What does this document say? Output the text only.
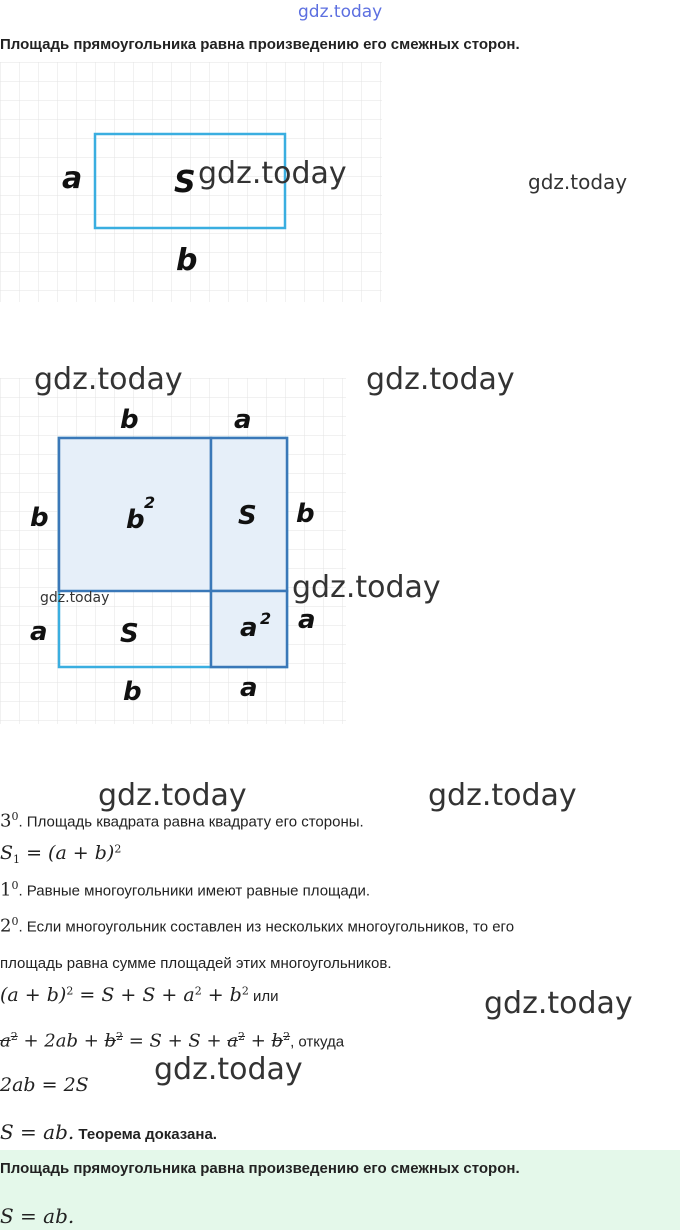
gdz.today
Площадь прямоугольника равна произведению его смежных сторон.
a	S
b
gdz.today	gdz.today
b	a
b
a
b
a
b	a
b
2	S
S	a 2
gdz.today	gdz.today
gdz.today
gdz.today
gdz.today	gdz.today
$3^0$. Площадь квадрата равна квадрату его стороны.
$S_1 = (a + b)^2$
$1^0$. Равные многоугольники имеют равные площади.
$2^0$. Если многоугольник составлен из нескольких многоугольников, то его
площадь равна сумме площадей этих многоугольников.
$(a + b)^2 = S + S + a^2 + b^2$ или	gdz.today
$a^2 + 2ab + b^2 = S + S + a^2 + b^2$, откуда
gdz.today
2ab = 2S
S = ab. Теорема доказана.
Площадь прямоугольника равна произведению его смежных сторон.
S = ab.
